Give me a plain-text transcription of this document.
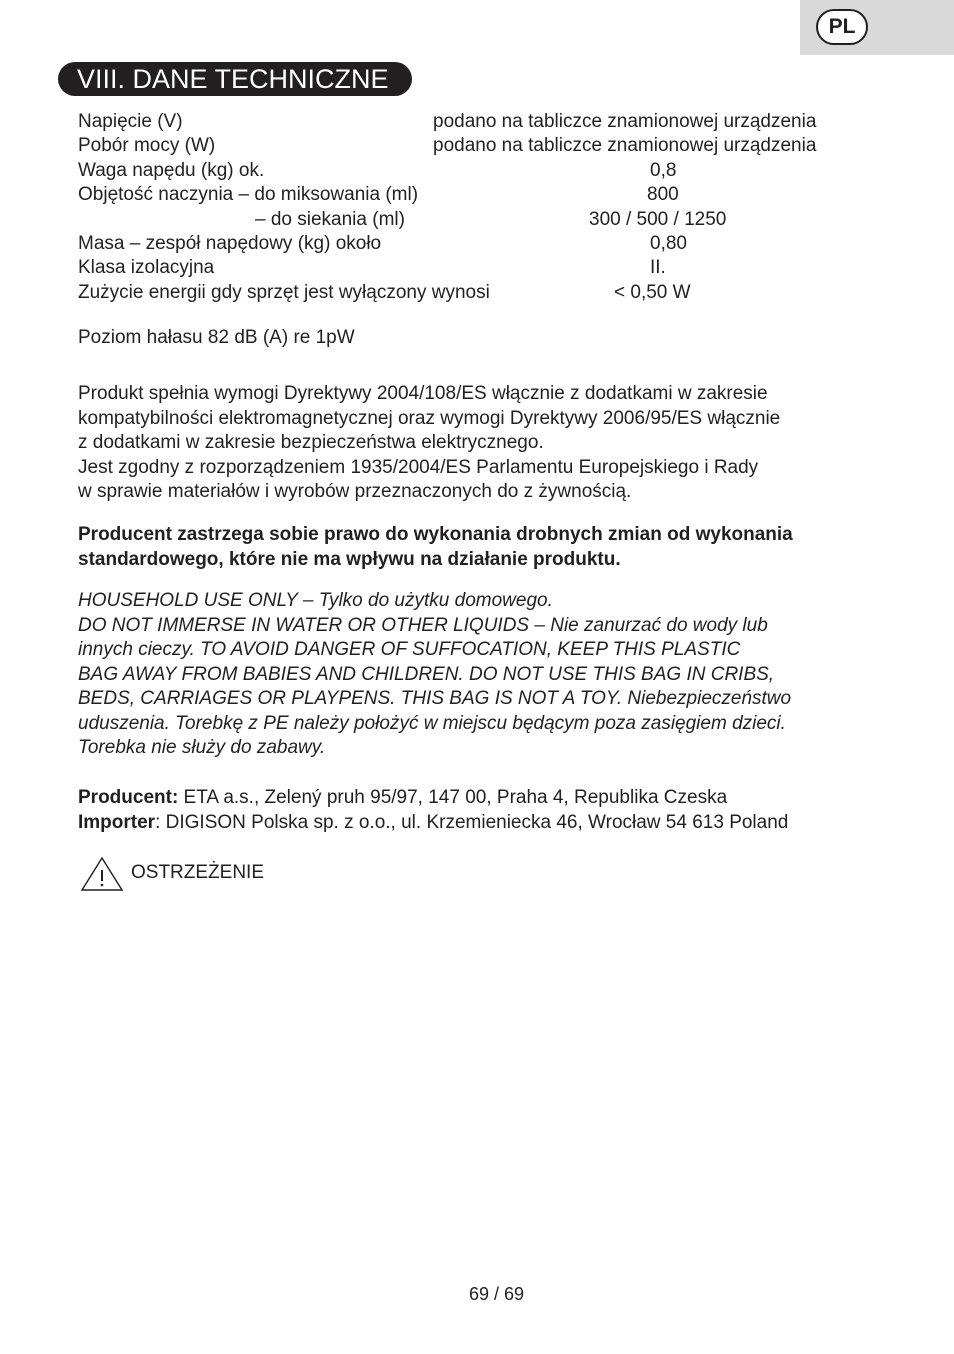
PL
VIII. DANE TECHNICZNE
Napięcie (V)	podano na tabliczce znamionowej urządzenia
Pobór mocy (W)	podano na tabliczce znamionowej urządzenia
Waga napędu (kg) ok.	0,8
Objętość naczynia – do miksowania (ml)	800
– do siekania (ml)	300 / 500 / 1250
Masa – zespół napędowy (kg) około	0,80
Klasa izolacyjna	II.
Zużycie energii gdy sprzęt jest wyłączony wynosi	< 0,50 W
Poziom hałasu 82 dB (A) re 1pW

Produkt spełnia wymogi Dyrektywy 2004/108/ES włącznie z dodatkami w zakresie

kompatybilności elektromagnetycznej oraz wymogi Dyrektywy 2006/95/ES włącznie

z dodatkami w zakresie bezpieczeństwa elektrycznego.

Jest zgodny z rozporządzeniem 1935/2004/ES Parlamentu Europejskiego i Rady

w sprawie materiałów i wyrobów przeznaczonych do z żywnością.

Producent zastrzega sobie prawo do wykonania drobnych zmian od wykonania

standardowego, które nie ma wpływu na działanie produktu.

HOUSEHOLD USE ONLY – Tylko do użytku domowego.

DO NOT IMMERSE IN WATER OR OTHER LIQUIDS – Nie zanurzać do wody lub

innych cieczy. TO AVOID DANGER OF SUFFOCATION, KEEP THIS PLASTIC

BAG AWAY FROM BABIES AND CHILDREN. DO NOT USE THIS BAG IN CRIBS,

BEDS, CARRIAGES OR PLAYPENS. THIS BAG IS NOT A TOY. Niebezpieczeństwo

uduszenia. Torebkę z PE należy położyć w miejscu będącym poza zasięgiem dzieci.

Torebka nie służy do zabawy.

Producent: ETA a.s., Zelený pruh 95/97, 147 00, Praha 4, Republika Czeska

Importer: DIGISON Polska sp. z o.o., ul. Krzemieniecka 46, Wrocław 54 613 Poland

OSTRZEŻENIE
69 / 69
